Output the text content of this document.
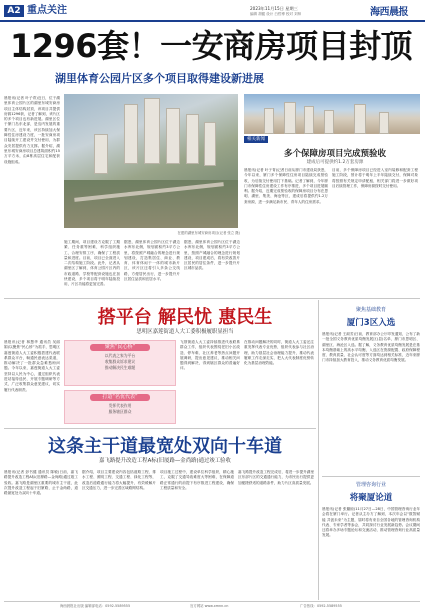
A2 重点关注	2023年11月15日 星期三
编辑 胡健 设计 白哲博 校对 刘帅	海西晨报
1296套！一安商房项目封顶
湖里体育公园片区多个项目取得建设新进展
晨报讯(记者 叶子青)近日，位于湖里体育公园片区的湖里东城安商房项目主体结构封顶，该项目共提供房源1296套，记者了解到，该片区的多个项目也有新进展。湖里区位于厦门岛东北部，是岛内发展的重要片区，近年来，该区持续加大保障性住房建设力度，一批安商房项目陆续开工建设并交付使用，为群众安居提供有力支撑。据介绍，湖里东城安商房项目总建筑面积约15万平方米，由8栋高层住宅和配套设施组成。
在建的湖里东城安商房项目(记者 张立 摄)
施工期间，项目建设方克服了工期紧、任务重等困难，科学组织施工，合理安排工序，确保了工程质量和进度。目前，项目已全面进入二次结构施工阶段。此外，记者从湖里区了解到，体育公园片区内的市政道路、学校等配套设施也在加快建设，多个项目将于明年陆续投用，片区功能将更加完善。
据悉，湖里体育公园片区位于湖边水库东北侧，规划面积约3平方公里，将按照产城融合的理念进行规划建设，打造集居住、商业、教育、体育休闲于一体的城市新片区，该片区还将引入多条公交线路，方便居民出行，进一步提升片区居住品质和宜居水平。
据悉，湖里体育公园片区位于湖边水库东北侧，规划面积约3平方公里，按照产城融合的理念进行规划建设，项目建成后，将有效改善片区居民的居住条件，进一步提升片区城市品质。
相关新闻
多个保障房项目完成预验收
建成后可提供约1.2万套房源
晨报讯(记者 叶子青)记者日前从厦门市建设局获悉，今年以来，厦门多个保障性住房项目陆续完成预验收，为后续交付使用打下基础。记者了解到，今年厦门市保障性住房建设工作有序推进，多个项目进展顺利。据介绍，近期完成预验收的保障房项目分布在思明、湖里、集美、海沧等区，建成后将提供约1.2万套房源，进一步满足新市民、青年人的住房需求。
目前，多个保障房项目已经进入室内装修和配套工程施工阶段，预计将于明年上半年陆续交付，保障对象将按照有关规定申请配租，相关部门将进一步做好项目后续管理工作，保障房源按时交付使用。
搭平台 解民忧 惠民生
思明区嘉莲街道人大工委积极履职显担当
晨报讯(记者 林慧华 通讯员 吴丽娟)以聚焦“民心桥”为抓手，思明区嘉莲街道人大工委积极搭建代表联系群众平台，畅通民意表达渠道，推动解决了一批群众急难愁盼问题。今年以来，嘉莲街道人大工委坚持以人民为中心，通过组织代表进站接待选民、开展专题调研等方式，广泛收集群众意见建议，切实履行代表职责。
聚焦“民心桥”
以代表之家为平台
收集群众诉求建议
推动解决民生难题
打造“名优代表”
发挥代表作用
服务辖区群众
飞领街道人大工委持续推进代表联系群众工作，组织代表围绕老旧小区改造、停车难、社区养老等热点问题开展调研，提出意见建议，推动相关问题得到解决，得到辖区群众的普遍好评。
在推动问题解决的同时，街道人大工委还注重发挥代表专业优势，组织代表参与社区治理，助力基层社会治理能力提升，推动代表履职工作走深走实，把人大代表制度优势转化为基层治理效能。
聚焦基础教育
厦门3区入选
晨报讯(记者 王淑芳)日前，教育部办公厅印发通知，公布了新一批全国义务教育优质均衡发展区(县)名单，厦门市思明区、湖里区、海沧区入选。据了解，义务教育优质均衡发展是在基本均衡基础上的高水平均衡，入选区在资源配置、政府保障程度、教育质量、社会认可度等方面均达到相关标准，近年来厦门市持续加大教育投入，推动义务教育优质均衡发展。
管理咨询行业
将聚厦论道
晨报讯(记者 张璐琼)11月27日—28日，中国管理咨询行业年会将在厦门举行。记者从主办方了解到，本次年会以“数智赋能 共创未来”为主题，届时将有来自全国各地的管理咨询机构代表、专家学者等参会，共同探讨行业发展新趋势。会议期间还将举办多场专题论坛和交流活动，推动管理咨询行业高质量发展。
这条主干道最宽处双向十车道
嘉飞路提升改造工程A标(旧厦路—金尚路)通过竣工验收
晨报讯(记者 彭书健 通讯员 陈敏)日前，嘉飞路提升改造工程A标(旧厦路—金尚路)通过竣工验收。嘉飞路是湖里区重要的城市主干道，此次提升改造工程起于旧厦路，止于金尚路，道路最宽处为双向十车道。
据介绍，项目主要建设内容包括道路工程、排水工程、照明工程、交通工程、绿化工程等，改造后道路通行能力将大幅提升，有效缓解片区交通压力，进一步完善区域路网结构。
项目施工过程中，建设单位科学组织，精心施工，克服了交通导改难度大等困难，在保障道路正常通行的前提下有序推进工程建设，确保工程质量和安全。
嘉飞路提升改造工程完成后，将进一步提升湖里区东部片区的交通通行能力，为市民出行提供更加便捷舒适的道路条件，助力片区高质量发展。
海西晨报社出版 编辑部电话：0592-5589555	官方网站 www.xmnn.cn	广告热线：0592-5589555
